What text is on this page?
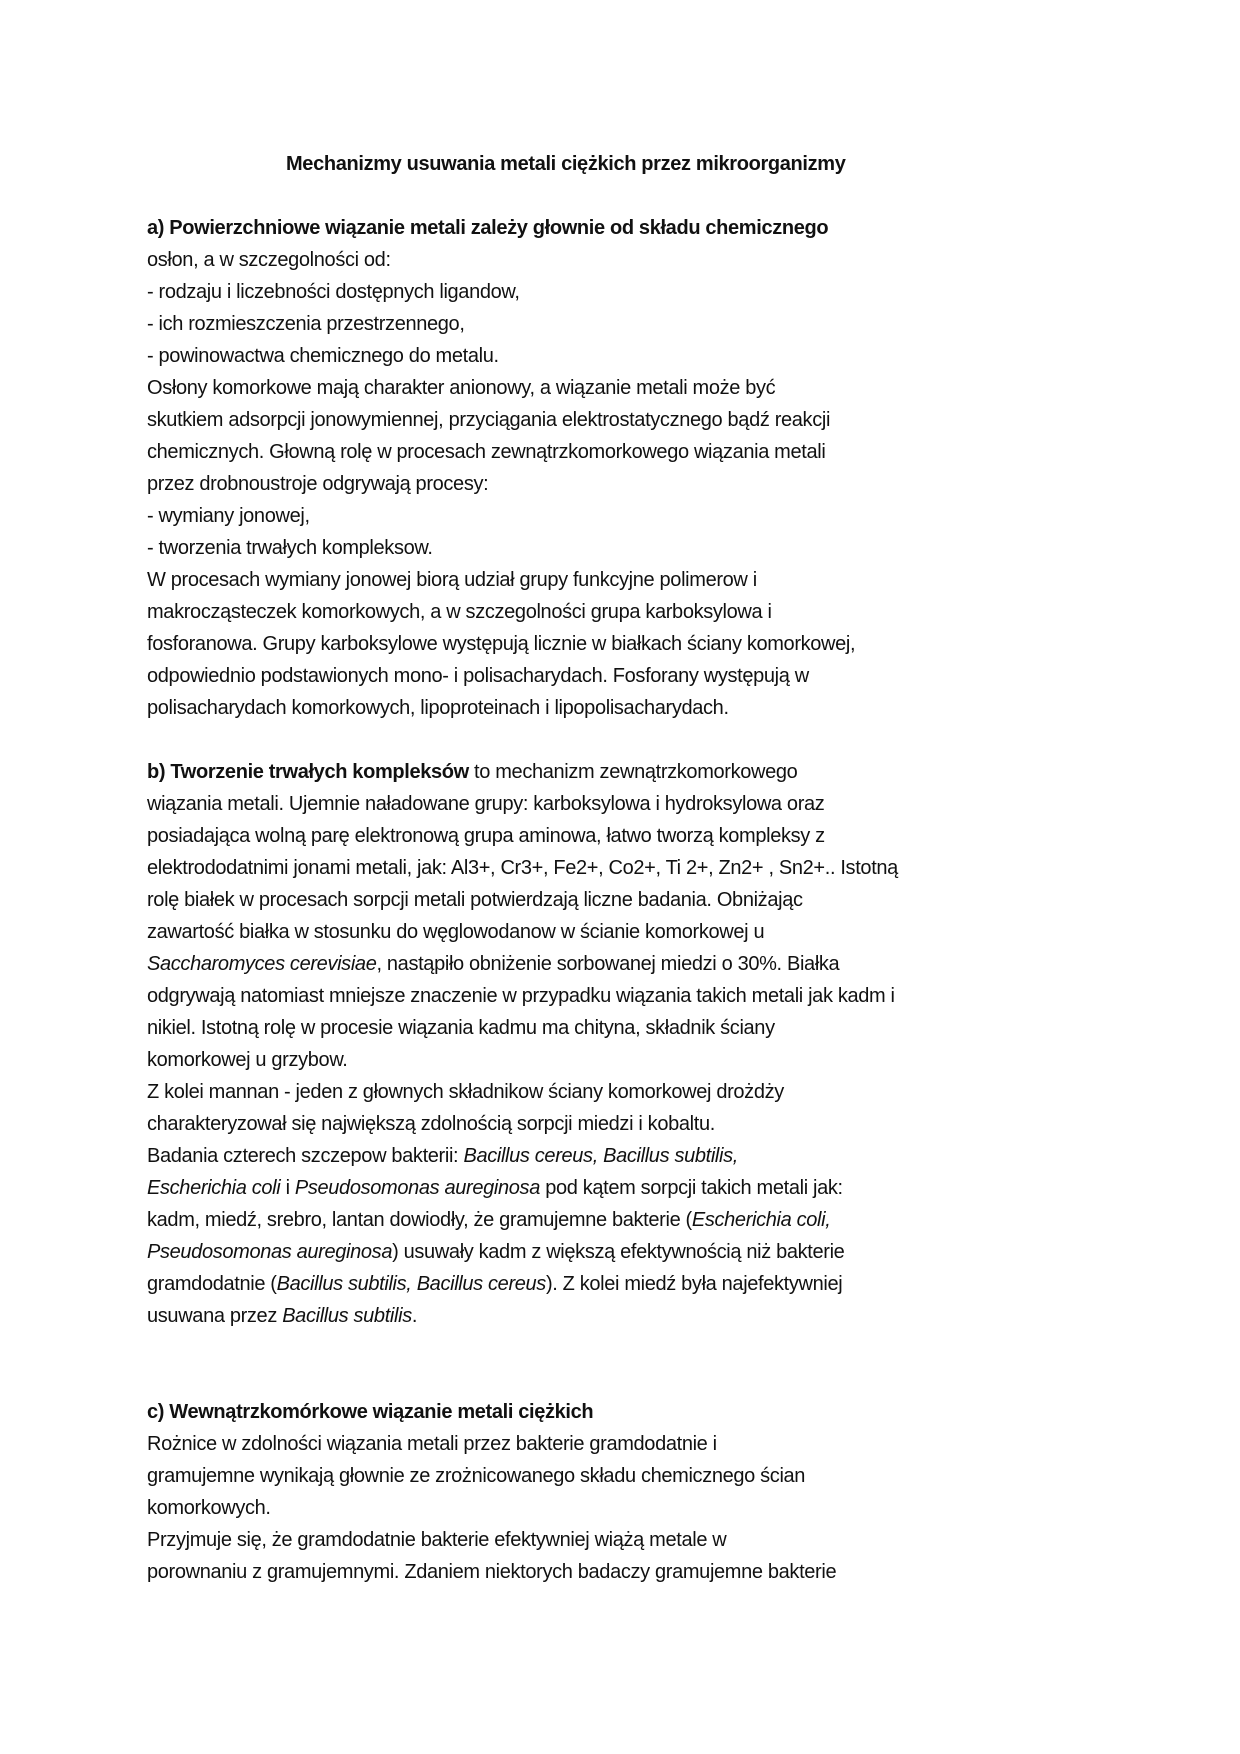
Mechanizmy usuwania metali ciężkich przez mikroorganizmy
a) Powierzchniowe wiązanie metali zależy głownie od składu chemicznego
osłon, a w szczegolności od:
- rodzaju i liczebności dostępnych ligandow,
- ich rozmieszczenia przestrzennego,
- powinowactwa chemicznego do metalu.
Osłony komorkowe mają charakter anionowy, a wiązanie metali może być
skutkiem adsorpcji jonowymiennej, przyciągania elektrostatycznego bądź reakcji
chemicznych. Głowną rolę w procesach zewnątrzkomorkowego wiązania metali
przez drobnoustroje odgrywają procesy:
- wymiany jonowej,
- tworzenia trwałych kompleksow.
W procesach wymiany jonowej biorą udział grupy funkcyjne polimerow i
makrocząsteczek komorkowych, a w szczegolności grupa karboksylowa i
fosforanowa. Grupy karboksylowe występują licznie w białkach ściany komorkowej,
odpowiednio podstawionych mono- i polisacharydach. Fosforany występują w
polisacharydach komorkowych, lipoproteinach i lipopolisacharydach.
b) Tworzenie trwałych kompleksów to mechanizm zewnątrzkomorkowego
wiązania metali. Ujemnie naładowane grupy: karboksylowa i hydroksylowa oraz
posiadająca wolną parę elektronową grupa aminowa, łatwo tworzą kompleksy z
elektrododatnimi jonami metali, jak: Al3+, Cr3+, Fe2+, Co2+, Ti 2+, Zn2+ , Sn2+.. Istotną
rolę białek w procesach sorpcji metali potwierdzają liczne badania. Obniżając
zawartość białka w stosunku do węglowodanow w ścianie komorkowej u
Saccharomyces cerevisiae, nastąpiło obniżenie sorbowanej miedzi o 30%. Białka
odgrywają natomiast mniejsze znaczenie w przypadku wiązania takich metali jak kadm i
nikiel. Istotną rolę w procesie wiązania kadmu ma chityna, składnik ściany
komorkowej u grzybow.
Z kolei mannan - jeden z głownych składnikow ściany komorkowej drożdży
charakteryzował się największą zdolnością sorpcji miedzi i kobaltu.
Badania czterech szczepow bakterii: Bacillus cereus, Bacillus subtilis,
Escherichia coli i Pseudosomonas aureginosa pod kątem sorpcji takich metali jak:
kadm, miedź, srebro, lantan dowiodły, że gramujemne bakterie (Escherichia coli,
Pseudosomonas aureginosa) usuwały kadm z większą efektywnością niż bakterie
gramdodatnie (Bacillus subtilis, Bacillus cereus). Z kolei miedź była najefektywniej
usuwana przez Bacillus subtilis.
c) Wewnątrzkomórkowe wiązanie metali ciężkich
Rożnice w zdolności wiązania metali przez bakterie gramdodatnie i
gramujemne wynikają głownie ze zrożnicowanego składu chemicznego ścian
komorkowych.
Przyjmuje się, że gramdodatnie bakterie efektywniej wiążą metale w
porownaniu z gramujemnymi. Zdaniem niektorych badaczy gramujemne bakterie
